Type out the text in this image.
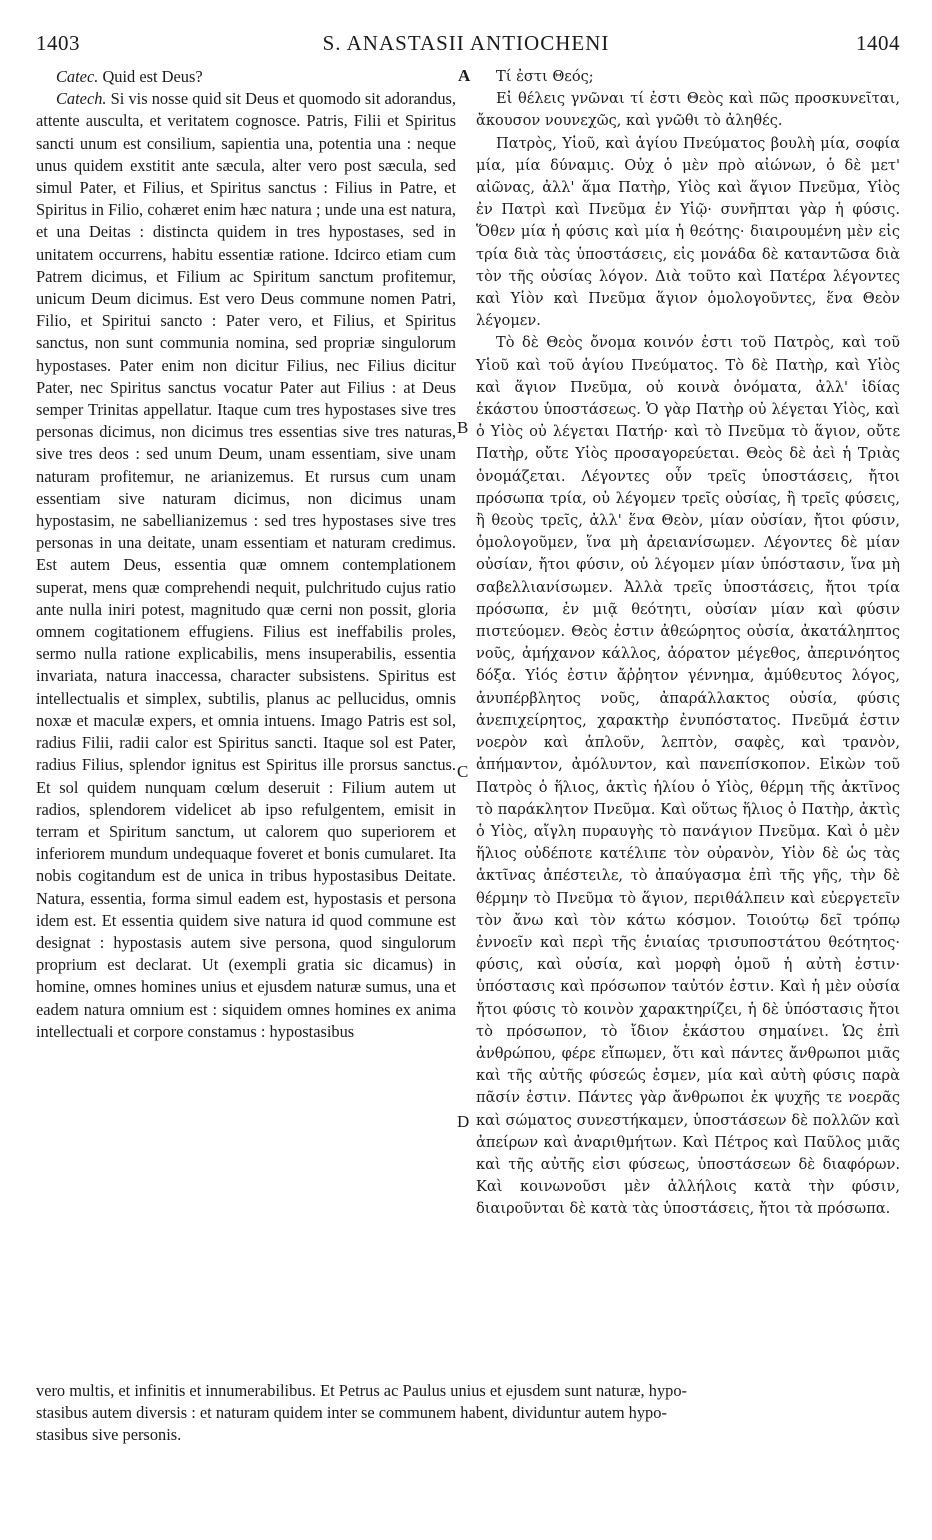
1403	S. ANASTASII ANTIOCHENI	1404

Catec. Quid est Deus?

Catech. Si vis nosse quid sit Deus et quomodo sit adorandus, attente ausculta, et veritatem cognosce. Patris, Filii et Spiritus sancti unum est consilium, sapientia una, potentia una : neque unus quidem exstitit ante sæcula, alter vero post sæcula, sed simul Pater, et Filius, et Spiritus sanctus : Filius in Patre, et Spiritus in Filio, cohæret enim hæc natura ; unde una est natura, et una Deitas : distincta quidem in tres hypostases, sed in unitatem occurrens, habitu essentiæ ratione. Idcirco etiam cum Patrem dicimus, et Filium ac Spiritum sanctum profitemur, unicum Deum dicimus. Est vero Deus commune nomen Patri, Filio, et Spiritui sancto : Pater vero, et Filius, et Spiritus sanctus, non sunt communia nomina, sed propriæ singulorum hypostases. Pater enim non dicitur Filius, nec Filius dicitur Pater, nec Spiritus sanctus vocatur Pater aut Filius : at Deus semper Trinitas appellatur. Itaque cum tres hypostases sive tres personas dicimus, non dicimus tres essentias sive tres naturas, sive tres deos : sed unum Deum, unam essentiam, sive unam naturam profitemur, ne arianizemus. Et rursus cum unam essentiam sive naturam dicimus, non dicimus unam hypostasim, ne sabellianizemus : sed tres hypostases sive tres personas in una deitate, unam essentiam et naturam credimus. Est autem Deus, essentia quæ omnem contemplationem superat, mens quæ comprehendi nequit, pulchritudo cujus ratio ante nulla iniri potest, magnitudo quæ cerni non possit, gloria omnem cogitationem effugiens. Filius est ineffabilis proles, sermo nulla ratione explicabilis, mens insuperabilis, essentia invariata, natura inaccessa, character subsistens. Spiritus est intellectualis et simplex, subtilis, planus ac pellucidus, omnis noxæ et maculæ expers, et omnia intuens. Imago Patris est sol, radius Filii, radii calor est Spiritus sancti. Itaque sol est Pater, radius Filius, splendor ignitus est Spiritus ille prorsus sanctus. Et sol quidem nunquam cœlum deseruit : Filium autem ut radios, splendorem videlicet ab ipso refulgentem, emisit in terram et Spiritum sanctum, ut calorem quo superiorem et inferiorem mundum undequaque foveret et bonis cumularet. Ita nobis cogitandum est de unica in tribus hypostasibus Deitate. Natura, essentia, forma simul eadem est, hypostasis et persona idem est. Et essentia quidem sive natura id quod commune est designat : hypostasis autem sive persona, quod singulorum proprium est declarat. Ut (exempli gratia sic dicamus) in homine, omnes homines unius et ejusdem naturæ sumus, una et eadem natura omnium est : siquidem omnes homines ex anima intellectuali et corpore constamus : hypostasibus

A
B
C
D

Τί ἐστι Θεός;

Εἰ θέλεις γνῶναι τί ἐστι Θεὸς καὶ πῶς προσκυνεῖται, ἄκουσον νουνεχῶς, καὶ γνῶθι τὸ ἀληθές.

Πατρὸς, Υἱοῦ, καὶ ἁγίου Πνεύματος βουλὴ μία, σοφία μία, μία δύναμις. Οὐχ ὁ μὲν πρὸ αἰώνων, ὁ δὲ μετ' αἰῶνας, ἀλλ' ἅμα Πατὴρ, Υἱὸς καὶ ἅγιον Πνεῦμα, Υἱὸς ἐν Πατρὶ καὶ Πνεῦμα ἐν Υἱῷ· συνῆπται γὰρ ἡ φύσις. Ὅθεν μία ἡ φύσις καὶ μία ἡ θεότης· διαιρουμένη μὲν εἰς τρία διὰ τὰς ὑποστάσεις, εἰς μονάδα δὲ καταντῶσα διὰ τὸν τῆς οὐσίας λόγον. Διὰ τοῦτο καὶ Πατέρα λέγοντες καὶ Υἱὸν καὶ Πνεῦμα ἅγιον ὁμολογοῦντες, ἕνα Θεὸν λέγομεν.

Τὸ δὲ Θεὸς ὄνομα κοινόν ἐστι τοῦ Πατρὸς, καὶ τοῦ Υἱοῦ καὶ τοῦ ἁγίου Πνεύματος. Τὸ δὲ Πατὴρ, καὶ Υἱὸς καὶ ἅγιον Πνεῦμα, οὐ κοινὰ ὀνόματα, ἀλλ' ἰδίας ἑκάστου ὑποστάσεως. Ὁ γὰρ Πατὴρ οὐ λέγεται Υἱὸς, καὶ ὁ Υἱὸς οὐ λέγεται Πατήρ· καὶ τὸ Πνεῦμα τὸ ἅγιον, οὔτε Πατὴρ, οὔτε Υἱὸς προσαγορεύεται. Θεὸς δὲ ἀεὶ ἡ Τριὰς ὀνομάζεται. Λέγοντες οὖν τρεῖς ὑποστάσεις, ἤτοι πρόσωπα τρία, οὐ λέγομεν τρεῖς οὐσίας, ἢ τρεῖς φύσεις, ἢ θεοὺς τρεῖς, ἀλλ' ἕνα Θεὸν, μίαν οὐσίαν, ἤτοι φύσιν, ὁμολογοῦμεν, ἵνα μὴ ἀρειανίσωμεν. Λέγοντες δὲ μίαν οὐσίαν, ἤτοι φύσιν, οὐ λέγομεν μίαν ὑπόστασιν, ἵνα μὴ σαβελλιανίσωμεν. Ἀλλὰ τρεῖς ὑποστάσεις, ἤτοι τρία πρόσωπα, ἐν μιᾷ θεότητι, οὐσίαν μίαν καὶ φύσιν πιστεύομεν. Θεὸς ἐστιν ἀθεώρητος οὐσία, ἀκατάληπτος νοῦς, ἀμήχανον κάλλος, ἀόρατον μέγεθος, ἀπερινόητος δόξα. Υἱός ἐστιν ἄῤῥητον γέννημα, ἀμύθευτος λόγος, ἀνυπέρβλητος νοῦς, ἀπαράλλακτος οὐσία, φύσις ἀνεπιχείρητος, χαρακτὴρ ἐνυπόστατος. Πνεῦμά ἐστιν νοερὸν καὶ ἁπλοῦν, λεπτὸν, σαφὲς, καὶ τρανὸν, ἀπήμαντον, ἀμόλυντον, καὶ πανεπίσκοπον. Εἰκὼν τοῦ Πατρὸς ὁ ἥλιος, ἀκτὶς ἡλίου ὁ Υἱὸς, θέρμη τῆς ἀκτῖνος τὸ παράκλητον Πνεῦμα. Καὶ οὕτως ἥλιος ὁ Πατὴρ, ἀκτὶς ὁ Υἱὸς, αἴγλη πυραυγὴς τὸ πανάγιον Πνεῦμα. Καὶ ὁ μὲν ἥλιος οὐδέποτε κατέλιπε τὸν οὐρανὸν, Υἱὸν δὲ ὡς τὰς ἀκτῖνας ἀπέστειλε, τὸ ἀπαύγασμα ἐπὶ τῆς γῆς, τὴν δὲ θέρμην τὸ Πνεῦμα τὸ ἅγιον, περιθάλπειν καὶ εὐεργετεῖν τὸν ἄνω καὶ τὸν κάτω κόσμον. Τοιούτῳ δεῖ τρόπῳ ἐννοεῖν καὶ περὶ τῆς ἑνιαίας τρισυποστάτου θεότητος· φύσις, καὶ οὐσία, καὶ μορφὴ ὁμοῦ ἡ αὐτὴ ἐστιν· ὑπόστασις καὶ πρόσωπον ταὐτόν ἐστιν. Καὶ ἡ μὲν οὐσία ἤτοι φύσις τὸ κοινὸν χαρακτηρίζει, ἡ δὲ ὑπόστασις ἤτοι τὸ πρόσωπον, τὸ ἴδιον ἑκάστου σημαίνει. Ὡς ἐπὶ ἀνθρώπου, φέρε εἴπωμεν, ὅτι καὶ πάντες ἄνθρωποι μιᾶς καὶ τῆς αὐτῆς φύσεώς ἐσμεν, μία καὶ αὐτὴ φύσις παρὰ πᾶσίν ἐστιν. Πάντες γὰρ ἄνθρωποι ἐκ ψυχῆς τε νοερᾶς καὶ σώματος συνεστήκαμεν, ὑποστάσεων δὲ πολλῶν καὶ ἀπείρων καὶ ἀναριθμήτων. Καὶ Πέτρος καὶ Παῦλος μιᾶς καὶ τῆς αὐτῆς εἰσι φύσεως, ὑποστάσεων δὲ διαφόρων. Καὶ κοινωνοῦσι μὲν ἀλλήλοις κατὰ τὴν φύσιν, διαιροῦνται δὲ κατὰ τὰς ὑποστάσεις, ἤτοι τὰ πρόσωπα.

vero multis, et infinitis et innumerabilibus. Et Petrus ac Paulus unius et ejusdem sunt naturæ, hypo-
stasibus autem diversis : et naturam quidem inter se communem habent, dividuntur autem hypo-
stasibus sive personis.
